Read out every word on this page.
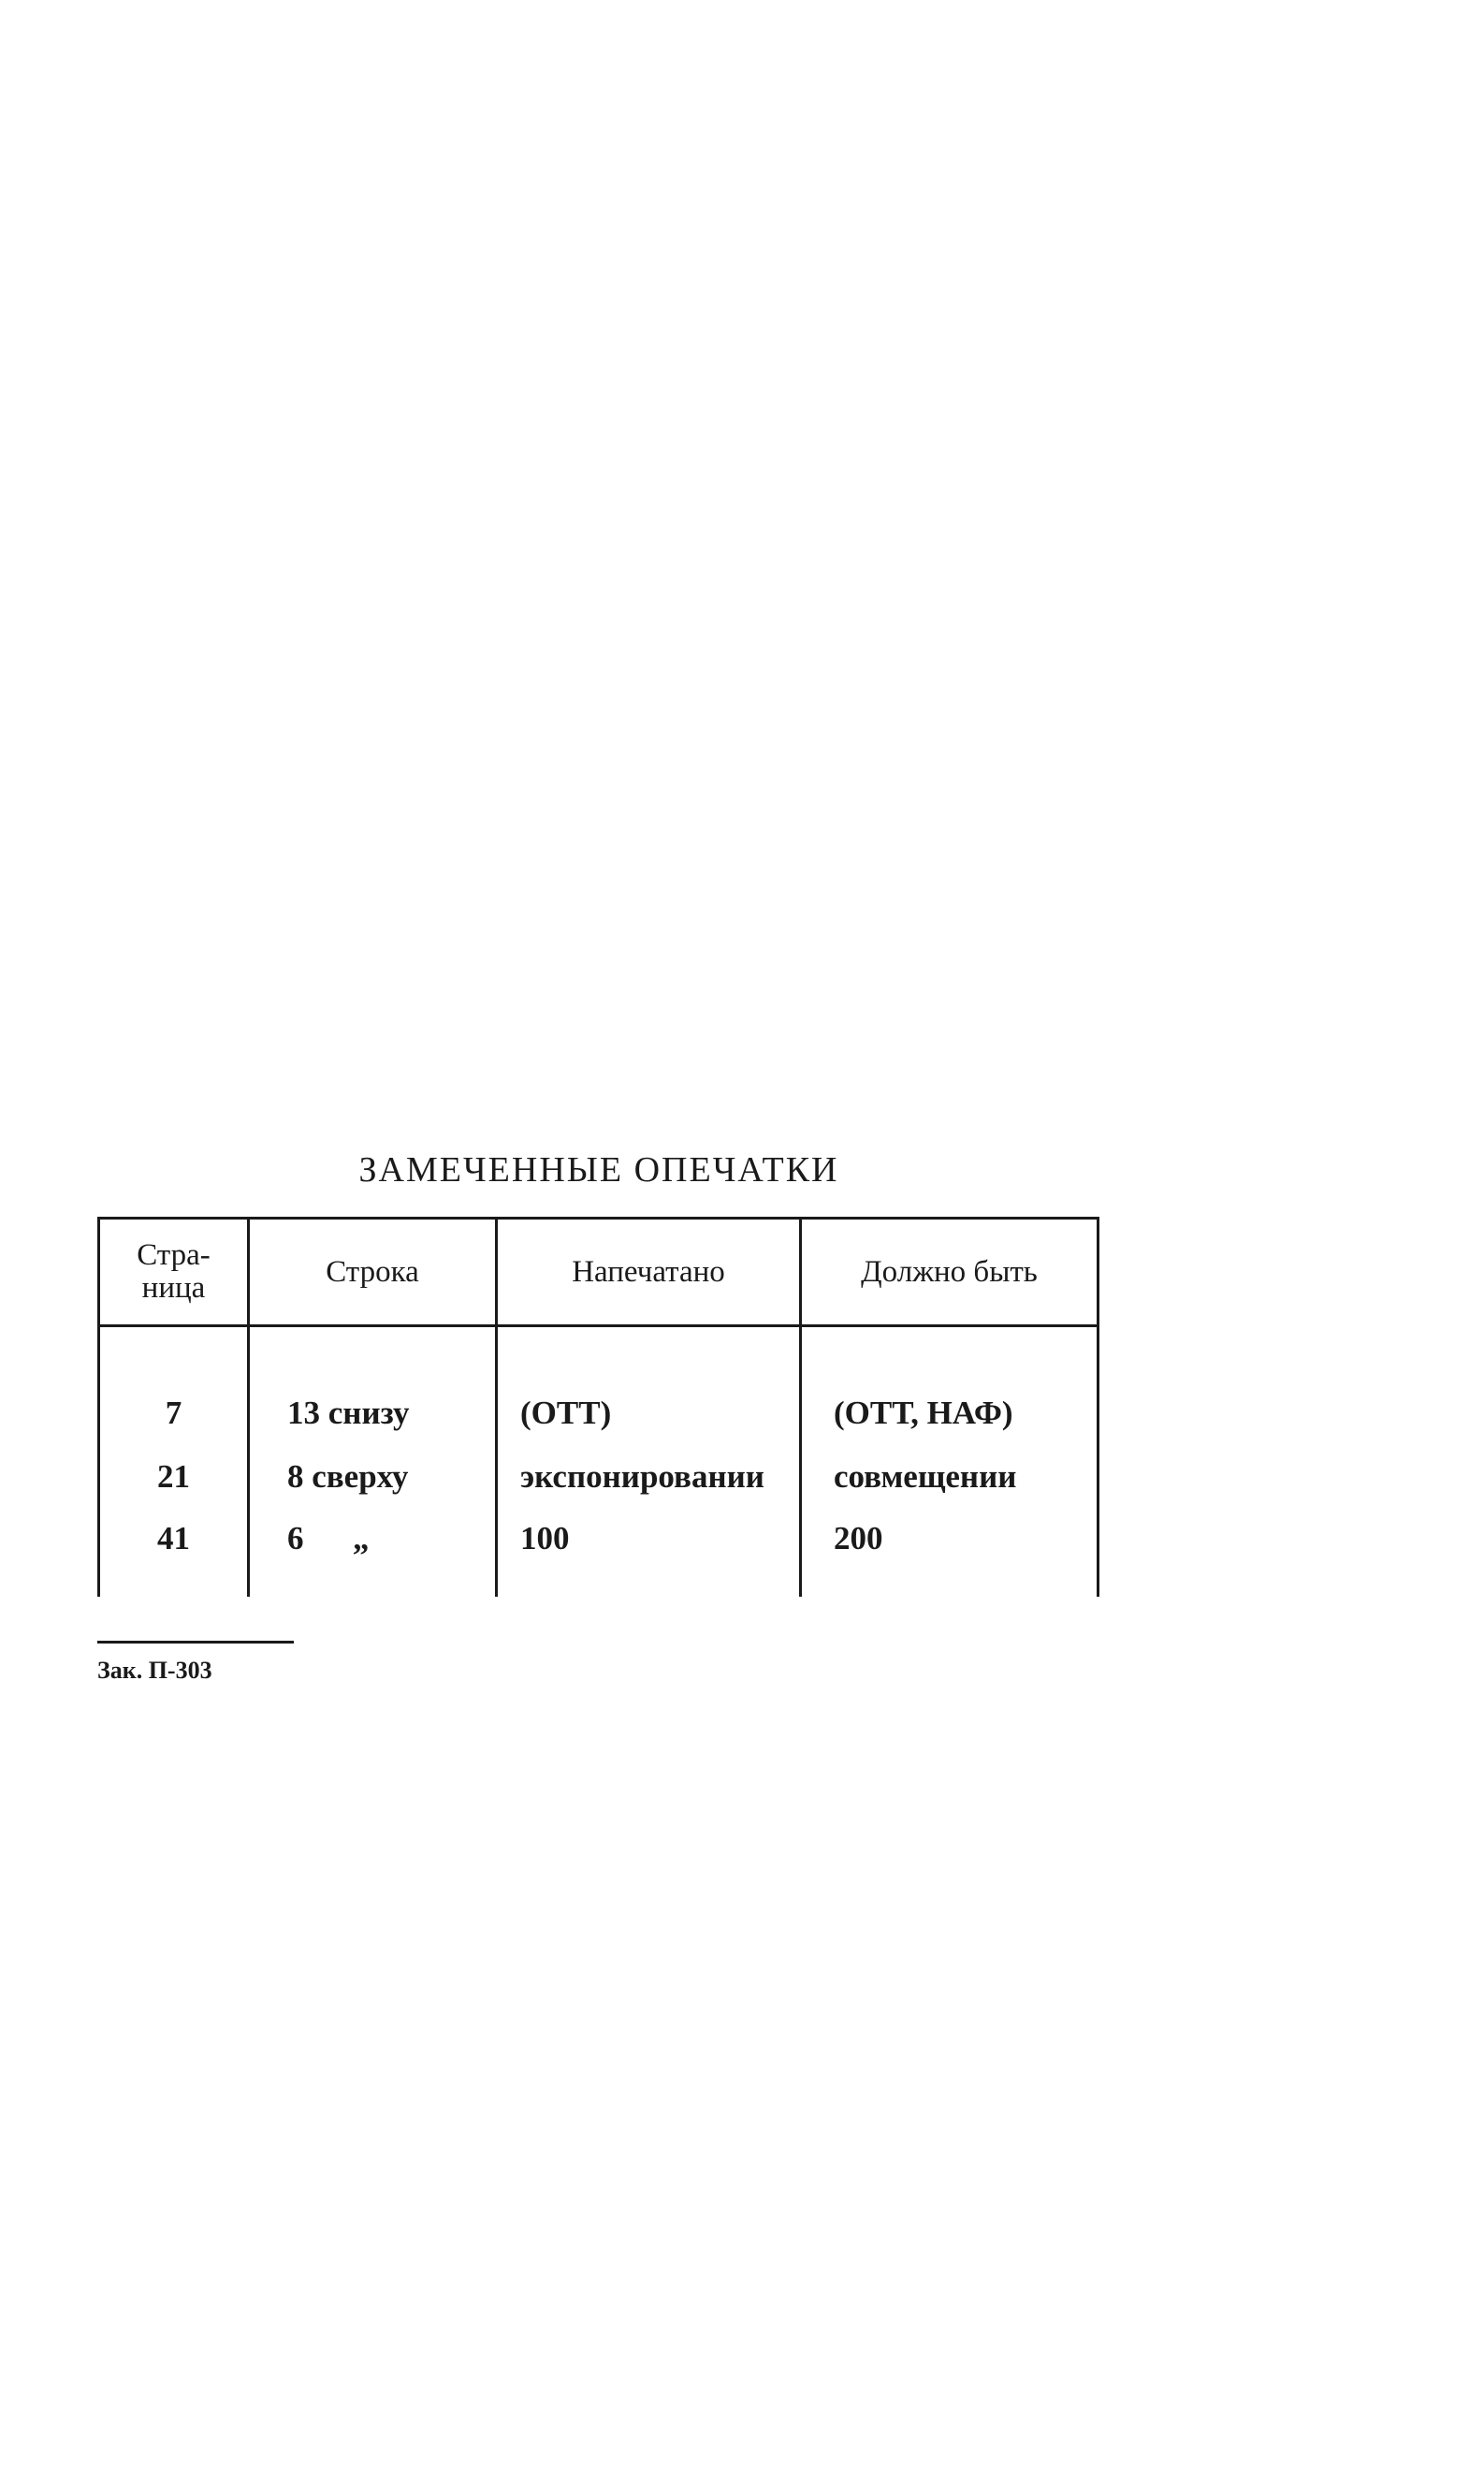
ЗАМЕЧЕННЫЕ ОПЕЧАТКИ
Стра-
ница	Строка	Напечатано	Должно быть
7	13 снизу	(ОТТ)	(ОТТ, НАФ)
21	8 сверху	экспонировании	совмещении
41	6      „	100	200
Зак. П-303
